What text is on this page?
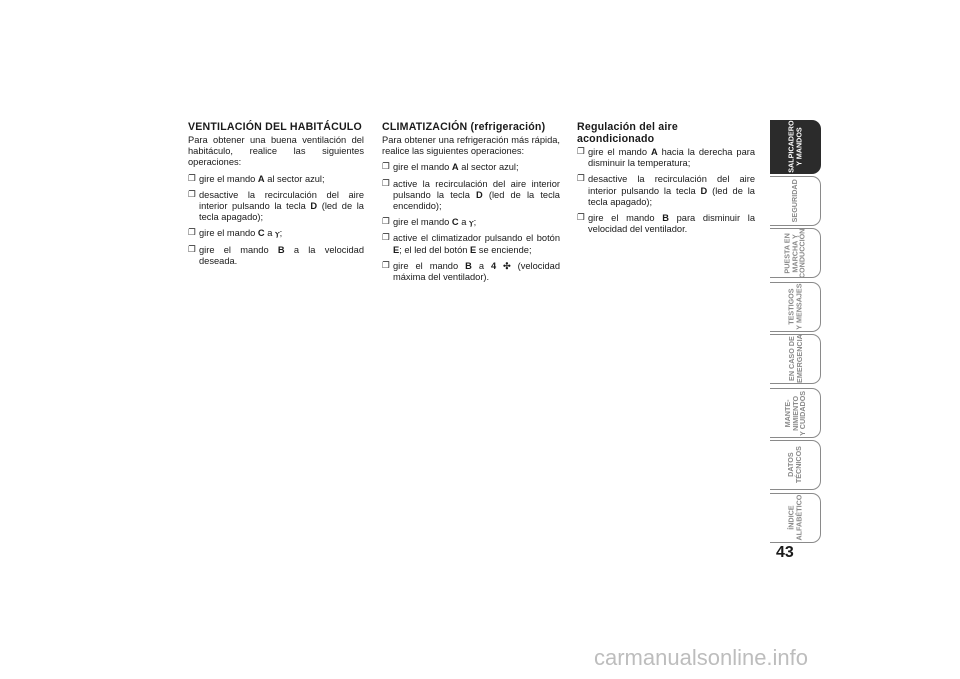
VENTILACIÓN DEL HABITÁCULO

Para obtener una buena ventilación del habitáculo, realice las siguientes operaciones:

❐ gire el mando A al sector azul;
❐ desactive la recirculación del aire interior pulsando la tecla D (led de la tecla apagado);
❐ gire el mando C a ⲩ;
❐ gire el mando B a la velocidad deseada.
CLIMATIZACIÓN (refrigeración)

Para obtener una refrigeración más rápida, realice las siguientes operaciones:

❐ gire el mando A al sector azul;
❐ active la recirculación del aire interior pulsando la tecla D (led de la tecla encendido);
❐ gire el mando C a ⲩ;
❐ active el climatizador pulsando el botón E; el led del botón E se enciende;
❐ gire el mando B a 4 ✣ (velocidad máxima del ventilador).
Regulación del aire acondicionado
❐ gire el mando A hacia la derecha para disminuir la temperatura;
❐ desactive la recirculación del aire interior pulsando la tecla D (led de la tecla apagado);
❐ gire el mando B para disminuir la velocidad del ventilador.
SALPICADERO
Y MANDOS
SEGURIDAD
PUESTA EN
MARCHA Y
CONDUCCIÓN
TESTIGOS
Y MENSAJES
EN CASO DE
EMERGENCIA
MANTE-
NIMIENTO
Y CUIDADOS
DATOS
TÉCNICOS
ÍNDICE
ALFABÉTICO
43
carmanualsonline.info
